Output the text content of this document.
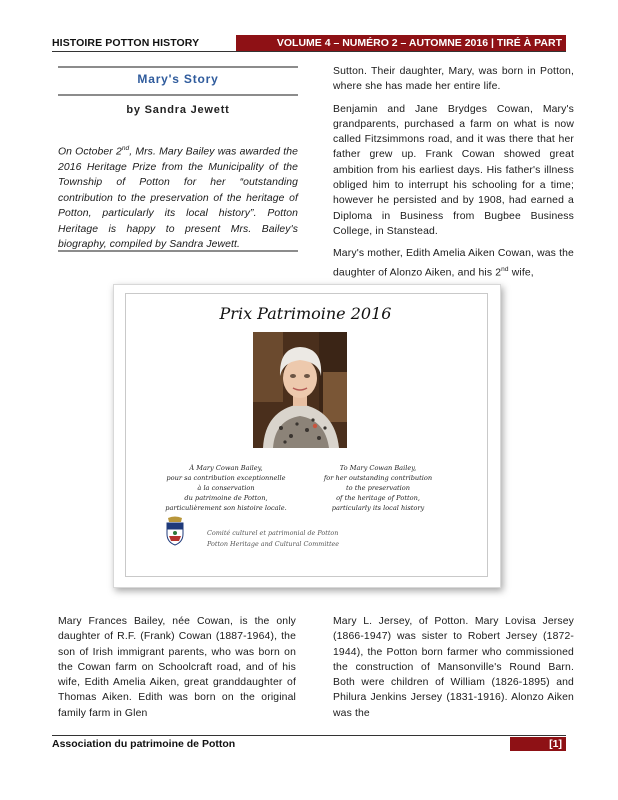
HISTOIRE POTTON HISTORY	VOLUME 4 – NUMÉRO 2 – AUTOMNE 2016 | TIRÉ À PART
Mary's Story
by Sandra Jewett
On October 2nd, Mrs. Mary Bailey was awarded the 2016 Heritage Prize from the Municipality of the Township of Potton for her “outstanding contribution to the preservation of the heritage of Potton, particularly its local history”. Potton Heritage is happy to present Mrs. Bailey's biography, compiled by Sandra Jewett.

Sutton. Their daughter, Mary, was born in Potton, where she has made her entire life.

Benjamin and Jane Brydges Cowan, Mary's grandparents, purchased a farm on what is now called Fitzsimmons road, and it was there that her father grew up. Frank Cowan showed great ambition from his earliest days. His father's illness obliged him to interrupt his schooling for a time; however he persisted and by 1908, had earned a Diploma in Business from Bugbee Business College, in Stanstead.

Mary's mother, Edith Amelia Aiken Cowan, was the daughter of Alonzo Aiken, and his 2nd wife,

Prix Patrimoine 2016
À Mary Cowan Bailey,
pour sa contribution exceptionnelle
à la conservation
du patrimoine de Potton,
particulièrement son histoire locale.
To Mary Cowan Bailey,
for her outstanding contribution
to the preservation
of the heritage of Potton,
particularly its local history
Comité culturel et patrimonial de Potton
Potton Heritage and Cultural Committee

Mary Frances Bailey, née Cowan, is the only daughter of R.F. (Frank) Cowan (1887-1964), the son of Irish immigrant parents, who was born on the Cowan farm on Schoolcraft road, and of his wife, Edith Amelia Aiken, great granddaughter of Thomas Aiken. Edith was born on the original family farm in Glen

Mary L. Jersey, of Potton. Mary Lovisa Jersey (1866-1947) was sister to Robert Jersey (1872-1944), the Potton born farmer who commissioned the construction of Mansonville's Round Barn. Both were children of William (1826-1895) and Philura Jenkins Jersey (1831-1916). Alonzo Aiken was the

Association du patrimoine de Potton	[1]
